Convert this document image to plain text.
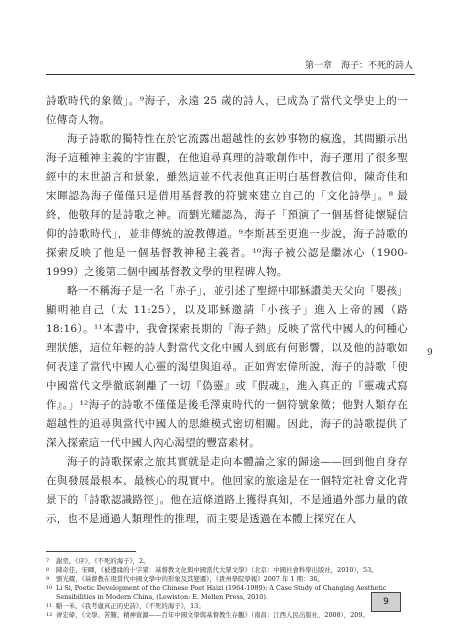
第一章　海子：不死的詩人

詩歌時代的象徵」。⁹海子，永遠 25 歲的詩人，已成為了當代文學史上的一位傳奇人物。

海子詩歌的獨特性在於它流露出超越性的玄妙事物的瘋逸，其間顯示出海子這種神主義的宇宙觀，在他追尋真理的詩歌創作中，海子運用了很多聖經中的末世語言和景象，雖然這並不代表他真正明白基督教信仰，陳奇佳和宋暉認為海子僅僅只是借用基督教的符號來建立自己的「文化詩學」。⁸ 最終，他敬拜的是詩歌之神。而劉光耀認為，海子「預演了一個基督徒懷疑信仰的詩歌時代」，並非傳統的說教傳道。⁹李斯甚至更進一步說，海子詩歌的探索反映了他是一個基督教神秘主義者。¹⁰海子被公認是繼冰心（1900-1999）之後第二個中國基督教文學的里程碑人物。

略一不稱海子是一名「赤子」，並引述了聖經中耶穌讚美天父向「嬰孩」顯明祂自己（太 11:25），以及耶穌邀請「小孩子」進入上帝的國（路 18:16）。¹¹本書中，我會探索長期的「海子熱」反映了當代中國人的何種心理狀態，這位年輕的詩人對當代文化中國人到底有何影響，以及他的詩歌如何表達了當代中國人心靈的渴望與追尋。正如齊宏偉所說，海子的詩歌「使中國當代文學徹底剝離了一切『偽靈』或『假魂』，進入真正的『靈魂式寫作』。」¹²海子的詩歌不僅僅是後毛澤東時代的一個符號象徵；他對人類存在超越性的追尋與當代中國人的思維模式密切相關。因此，海子的詩歌提供了深入探索這一代中國人內心渴望的豐富素材。

海子的詩歌探索之旅其實就是走向本體論之家的歸途——回到他自身存在與發展最根本、最核心的現實中。他回家的旅途是在一個特定社會文化背景下的「詩歌認識路徑」。他在這條道路上獲得真知，不是通過外部力量的啟示，也不是通過人類理性的推理，而主要是透過在本體上探究在人

9
7	謝奕，《序》，《不死的海子》，2。
8	陳奇佳、宋暉，《被邊緣的十字架：基督教文化與中國當代大眾文學》（北京：中國社會科學出版社，2010），53。
9	劉光耀，《基督教在現當代中國文學中的形象及其變遷》，《貴州學院學報》2007 年 1 期：36。
10 Li Si, Poetic Development of the Chinese Poet Haizi (1964-1989): A Case Study of Changing Aesthetic Sensibilities in Modern China, (Lewiston: E. Mellen Press, 2010).
11 駱一禾，《我考慮真正的史詩》，《不死的海子》，13。
12 齊宏偉，《文學、苦難、精神資源——百年中國文學與基督教生存觀》（南昌：江西人民出版社，2008），209。
9
